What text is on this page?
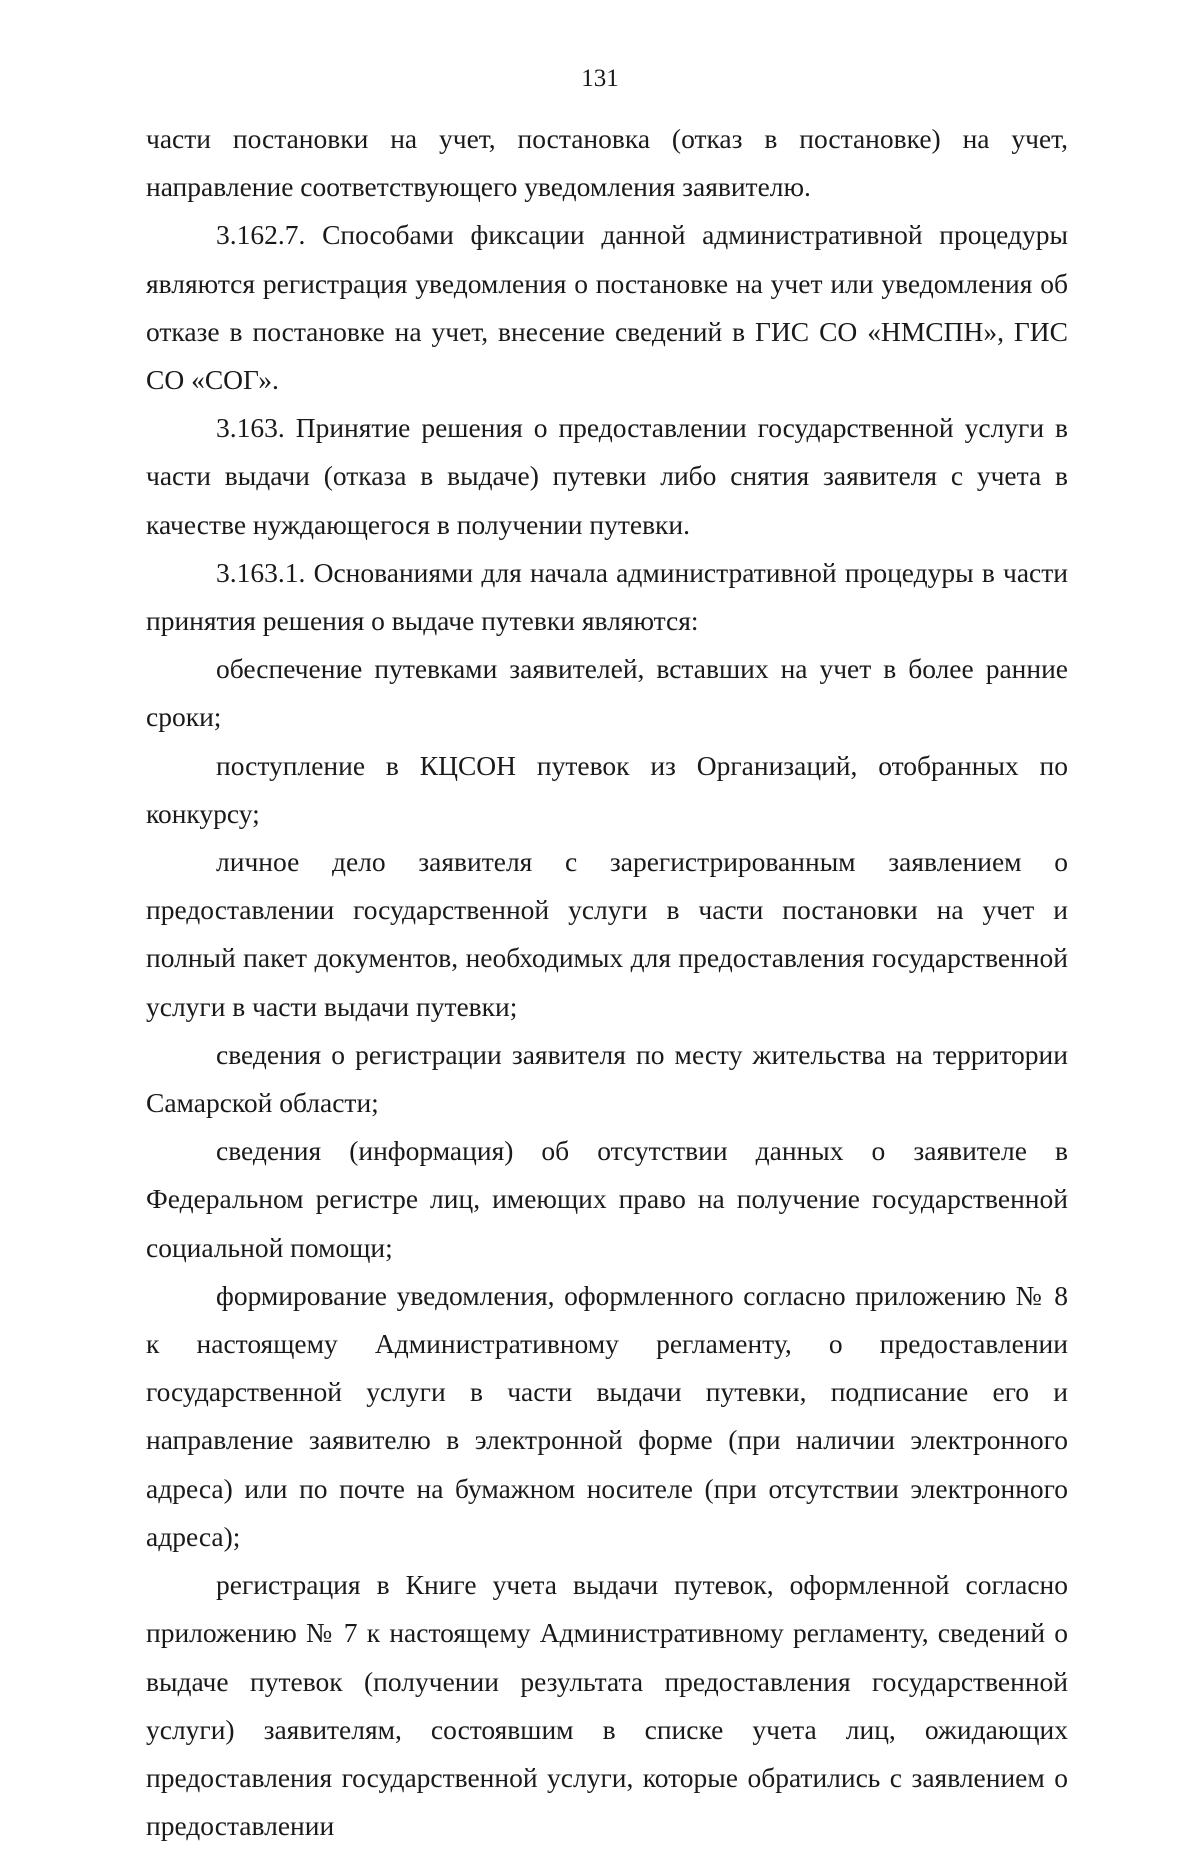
131

части постановки на учет, постановка (отказ в постановке) на учет, направление соответствующего уведомления заявителю.

3.162.7. Способами фиксации данной административной процедуры являются регистрация уведомления о постановке на учет или уведомления об отказе в постановке на учет, внесение сведений в ГИС СО «НМСПН», ГИС СО «СОГ».

3.163. Принятие решения о предоставлении государственной услуги в части выдачи (отказа в выдаче) путевки либо снятия заявителя с учета в качестве нуждающегося в получении путевки.

3.163.1. Основаниями для начала административной процедуры в части принятия решения о выдаче путевки являются:

обеспечение путевками заявителей, вставших на учет в более ранние сроки;

поступление в КЦСОН путевок из Организаций, отобранных по конкурсу;

личное дело заявителя с зарегистрированным заявлением о предоставлении государственной услуги в части постановки на учет и полный пакет документов, необходимых для предоставления государственной услуги в части выдачи путевки;

сведения о регистрации заявителя по месту жительства на территории Самарской области;

сведения (информация) об отсутствии данных о заявителе в Федеральном регистре лиц, имеющих право на получение государственной социальной помощи;

формирование уведомления, оформленного согласно приложению № 8 к настоящему Административному регламенту, о предоставлении государственной услуги в части выдачи путевки, подписание его и направление заявителю в электронной форме (при наличии электронного адреса) или по почте на бумажном носителе (при отсутствии электронного адреса);

регистрация в Книге учета выдачи путевок, оформленной согласно приложению № 7 к настоящему Административному регламенту, сведений о выдаче путевок (получении результата предоставления государственной услуги) заявителям, состоявшим в списке учета лиц, ожидающих предоставления государственной услуги, которые обратились с заявлением о предоставлении
